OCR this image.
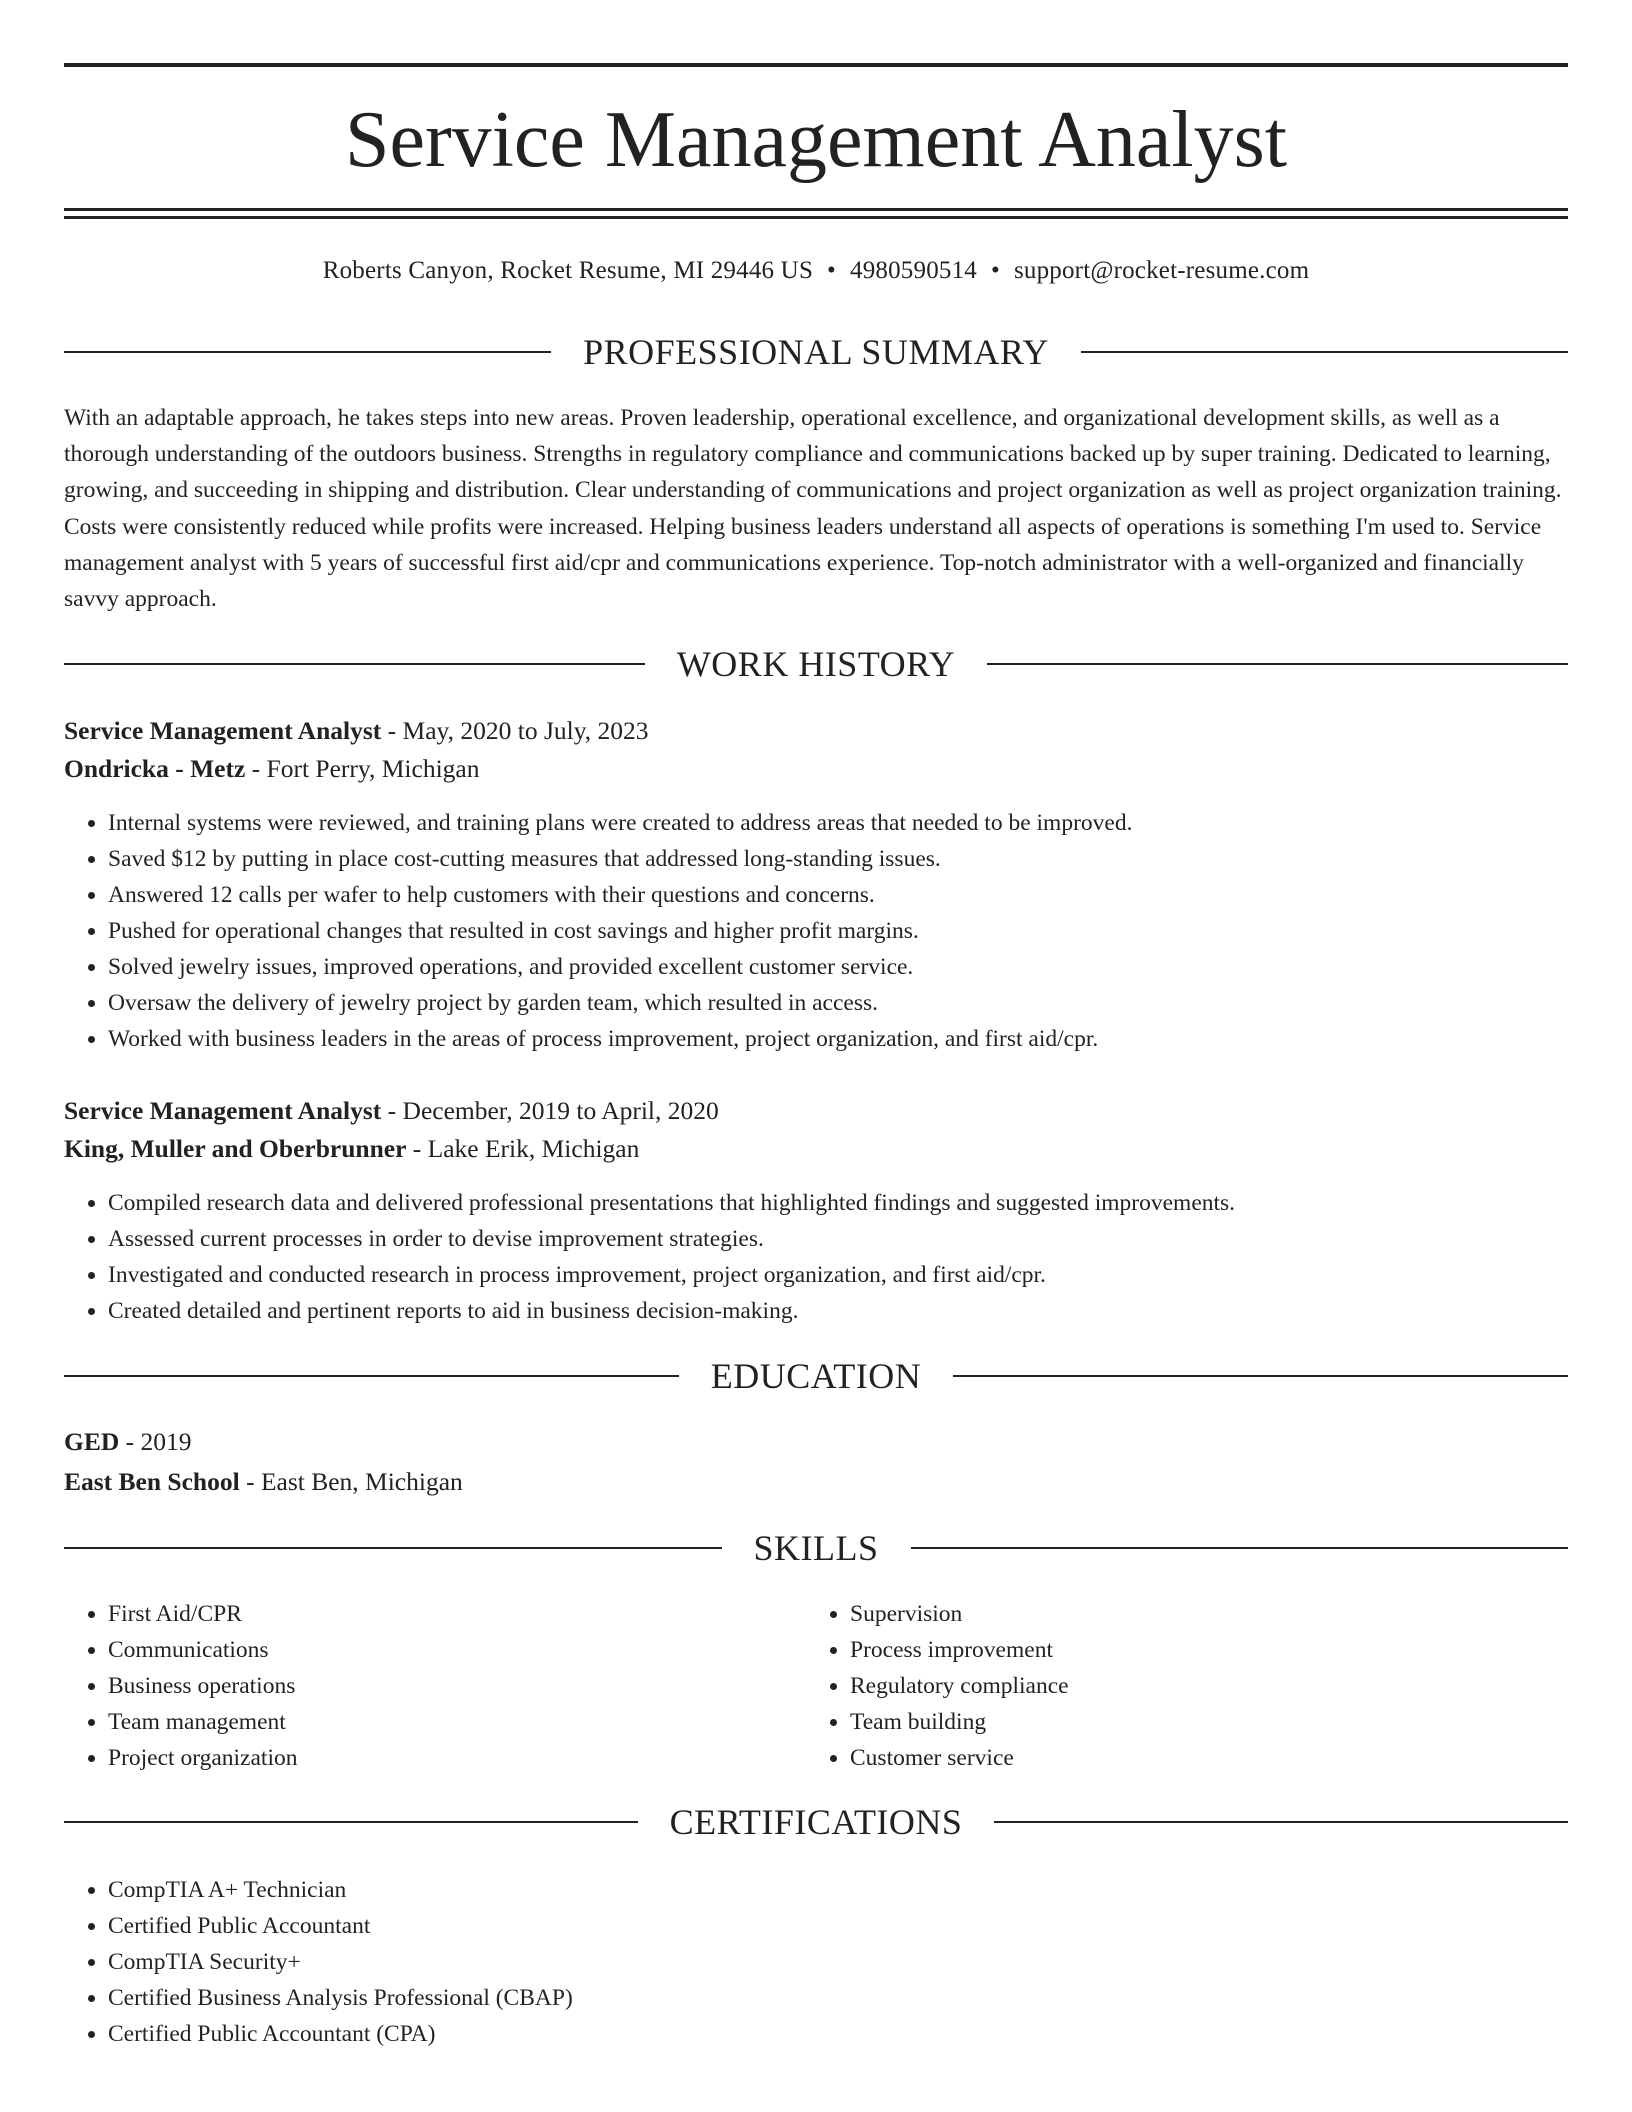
Service Management Analyst
Roberts Canyon, Rocket Resume, MI 29446 US • 4980590514 • support@rocket-resume.com
PROFESSIONAL SUMMARY

With an adaptable approach, he takes steps into new areas. Proven leadership, operational excellence, and organizational development skills, as well as a thorough understanding of the outdoors business. Strengths in regulatory compliance and communications backed up by super training. Dedicated to learning, growing, and succeeding in shipping and distribution. Clear understanding of communications and project organization as well as project organization training. Costs were consistently reduced while profits were increased. Helping business leaders understand all aspects of operations is something I'm used to. Service management analyst with 5 years of successful first aid/cpr and communications experience. Top-notch administrator with a well-organized and financially savvy approach.

WORK HISTORY
Service Management Analyst - May, 2020 to July, 2023
Ondricka - Metz - Fort Perry, Michigan
• Internal systems were reviewed, and training plans were created to address areas that needed to be improved.
• Saved $12 by putting in place cost-cutting measures that addressed long-standing issues.
• Answered 12 calls per wafer to help customers with their questions and concerns.
• Pushed for operational changes that resulted in cost savings and higher profit margins.
• Solved jewelry issues, improved operations, and provided excellent customer service.
• Oversaw the delivery of jewelry project by garden team, which resulted in access.
• Worked with business leaders in the areas of process improvement, project organization, and first aid/cpr.
Service Management Analyst - December, 2019 to April, 2020
King, Muller and Oberbrunner - Lake Erik, Michigan
• Compiled research data and delivered professional presentations that highlighted findings and suggested improvements.
• Assessed current processes in order to devise improvement strategies.
• Investigated and conducted research in process improvement, project organization, and first aid/cpr.
• Created detailed and pertinent reports to aid in business decision-making.
EDUCATION
GED - 2019
East Ben School - East Ben, Michigan
SKILLS
• First Aid/CPR
• Communications
• Business operations
• Team management
• Project organization
• Supervision
• Process improvement
• Regulatory compliance
• Team building
• Customer service
CERTIFICATIONS
• CompTIA A+ Technician
• Certified Public Accountant
• CompTIA Security+
• Certified Business Analysis Professional (CBAP)
• Certified Public Accountant (CPA)
